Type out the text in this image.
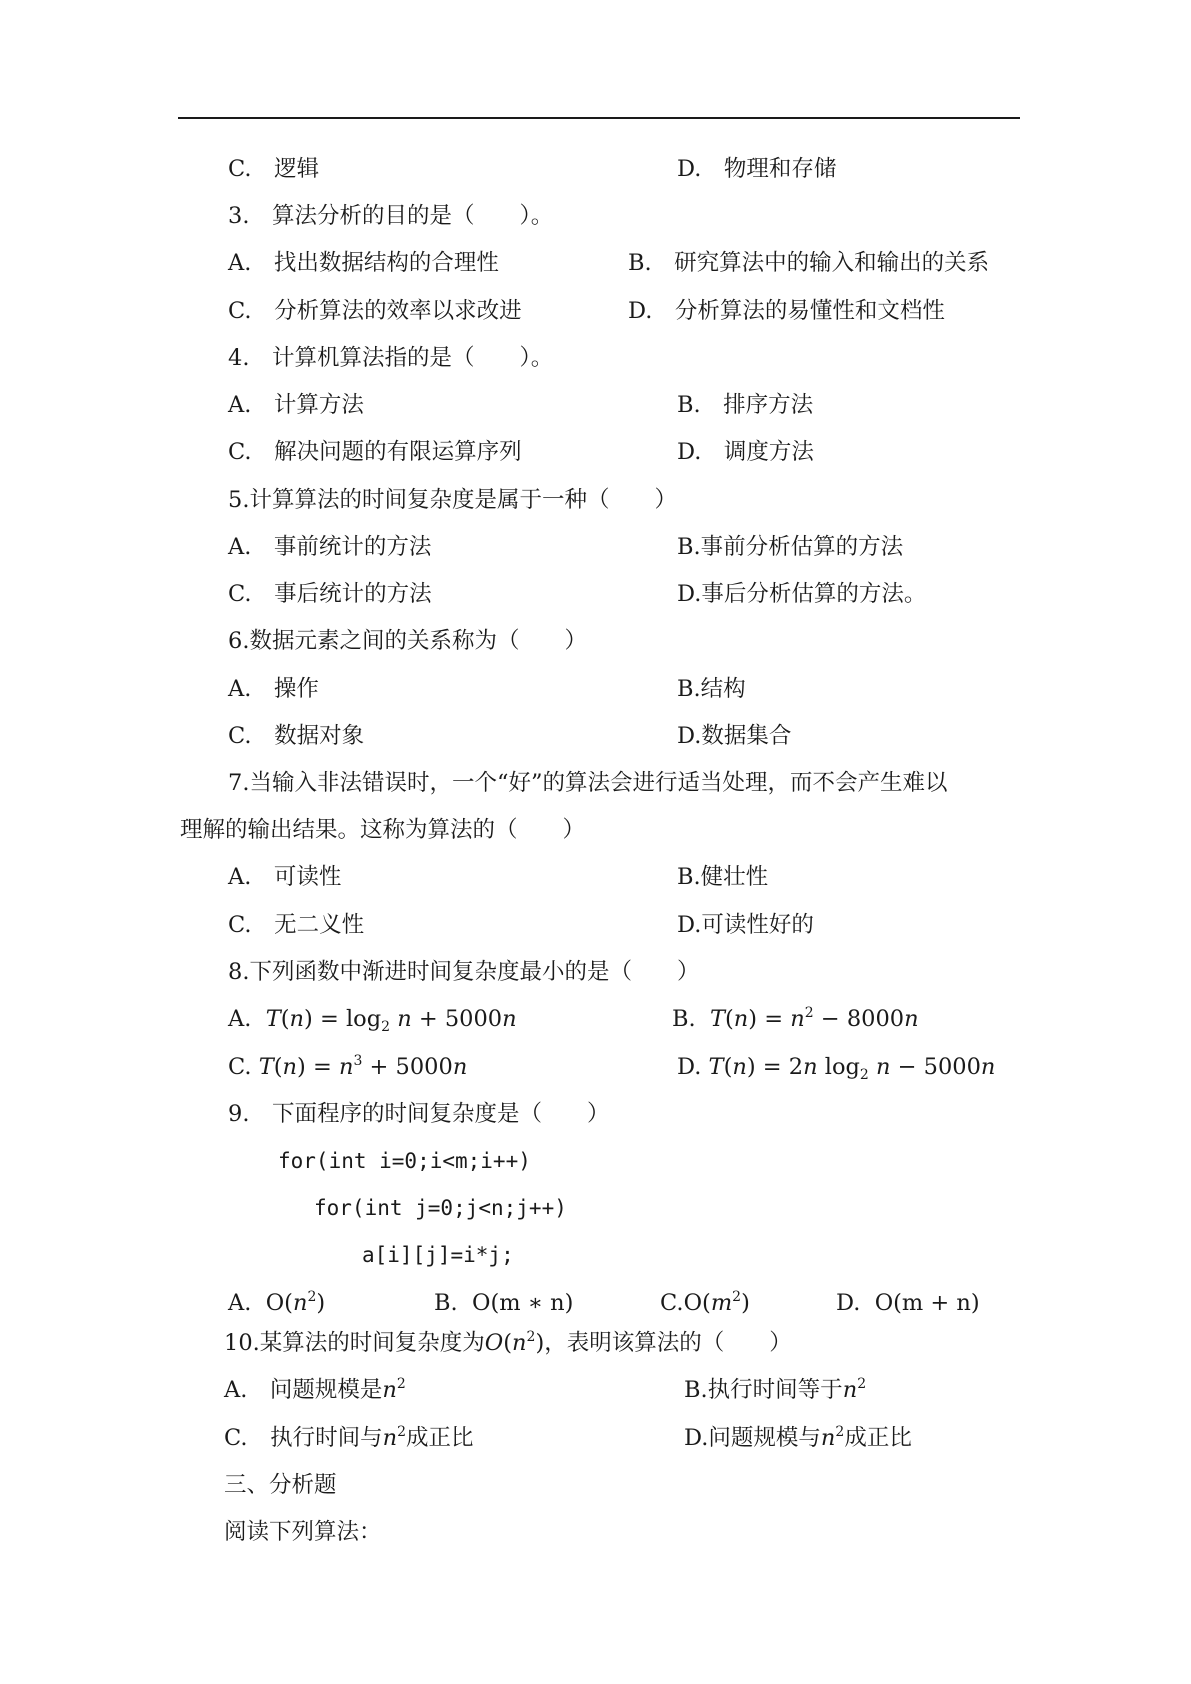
C.　逻辑	D.　物理和存储
3.　算法分析的目的是（　　）。
A.　找出数据结构的合理性	B.　研究算法中的输入和输出的关系
C.　分析算法的效率以求改进	D.　分析算法的易懂性和文档性
4.　计算机算法指的是（　　）。
A.　计算方法	B.　排序方法
C.　解决问题的有限运算序列	D.　调度方法
5.计算算法的时间复杂度是属于一种（　　）
A.　事前统计的方法	B.事前分析估算的方法
C.　事后统计的方法	D.事后分析估算的方法。
6.数据元素之间的关系称为（　　）
A.　操作	B.结构
C.　数据对象	D.数据集合
7.当输入非法错误时，一个“好”的算法会进行适当处理，而不会产生难以
理解的输出结果。这称为算法的（　　）
A.　可读性	B.健壮性
C.　无二义性	D.可读性好的
8.下列函数中渐进时间复杂度最小的是（　　）
A. $T(n) = \log_2 n + 5000n$	B. $T(n) = n^2 - 8000n$
C. $T(n) = n^3 + 5000n$	D. T(n) = 2n $\log_2 n - 5000n$
9.　下面程序的时间复杂度是（　　）
for(int i=0;i<m;i++)
for(int j=0;j<n;j++)
a[i][j]=i*j;
A.  $O(n^2)$	B.  O(m ∗ n)	$C.O(m^2)$	D.  O(m + n)
10.某算法的时间复杂度为$O(n^2)$，表明该算法的（　　）
A.　问题规模是$n^2$	B.执行时间等于$n^2$
C.　执行时间与$n^2$成正比	D.问题规模与$n^2$成正比
三、分析题
阅读下列算法：
